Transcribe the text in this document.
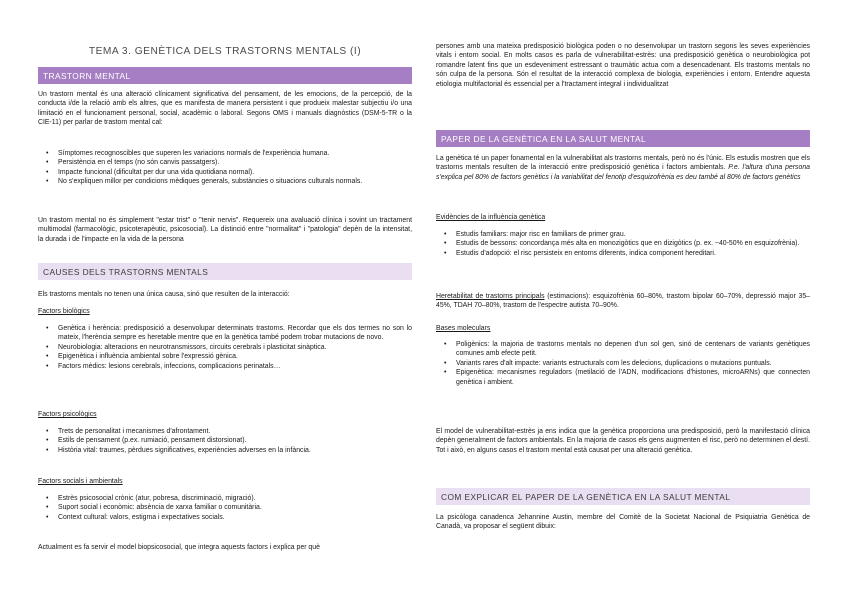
TEMA 3. GENÈTICA DELS TRASTORNS MENTALS (I)
TRASTORN MENTAL
Un trastorn mental és una alteració clínicament significativa del pensament, de les emocions, de la percepció, de la conducta i/de la relació amb els altres, que es manifesta de manera persistent i que produeix malestar subjectiu i/o una limitació en el funcionament personal, social, acadèmic o laboral. Segons OMS i manuals diagnòstics (DSM-5-TR o la CIE-11) per parlar de trastorn mental cal:
• Símptomes recognoscibles que superen les variacions normals de l'experiència humana.
• Persistència en el temps (no són canvis passatgers).
• Impacte funcional (dificultat per dur una vida quotidiana normal).
• No s'expliquen millor per condicions mèdiques generals, substàncies o situacions culturals normals.
Un trastorn mental no és simplement "estar trist" o "tenir nervis". Requereix una avaluació clínica i sovint un tractament multimodal (farmacològic, psicoterapèutic, psicosocial). La distinció entre "normalitat" i "patologia" depèn de la intensitat, la durada i de l'impacte en la vida de la persona
CAUSES DELS TRASTORNS MENTALS
Els trastorns mentals no tenen una única causa, sinó que resulten de la interacció:
Factors biològics
• Genètica i herència: predisposició a desenvolupar determinats trastorns. Recordar que els dos termes no son lo mateix, l'herència sempre es heretable mentre que en la genètica també podem trobar mutacions de novo.
• Neurobiologia: alteracions en neurotransmissors, circuits cerebrals i plasticitat sinàptica.
• Epigenètica i influència ambiental sobre l'expressió gènica.
• Factors mèdics: lesions cerebrals, infeccions, complicacions perinatals…
Factors psicològics
• Trets de personalitat i mecanismes d'afrontament.
• Estils de pensament (p.ex. rumiació, pensament distorsionat).
• Història vital: traumes, pèrdues significatives, experiències adverses en la infància.
Factors socials i ambientals
• Estrès psicosocial crònic (atur, pobresa, discriminació, migració).
• Suport social i econòmic: absència de xarxa familiar o comunitària.
• Context cultural: valors, estigma i expectatives socials.
Actualment es fa servir el model biopsicosocial, que integra aquests factors i explica per què
persones amb una mateixa predisposició biològica poden o no desenvolupar un trastorn segons les seves experiències vitals i entorn social. En molts casos es parla de vulnerabilitat-estrès: una predisposició genètica o neurobiològica pot romandre latent fins que un esdeveniment estressant o traumàtic actua com a desencadenant. Els trastorns mentals no són culpa de la persona. Són el resultat de la interacció complexa de biologia, experiències i entorn. Entendre aquesta etiologia multifactorial és essencial per a l'tractament integral i individualitzat
PAPER DE LA GENÈTICA EN LA SALUT MENTAL
La genètica té un paper fonamental en la vulnerabilitat als trastorns mentals, però no és l'únic. Els estudis mostren que els trastorns mentals resulten de la interacció entre predisposició genètica i factors ambientals. P.e. l'altura d'una persona s'explica pel 80% de factors genètics i la variabilitat del fenotip d'esquizofrènia es deu també al 80% de factors genètics
Evidències de la influència genètica
• Estudis familiars: major risc en familiars de primer grau.
• Estudis de bessons: concordança més alta en monozigòtics que en dizigòtics (p. ex. ~40-50% en esquizofrènia).
• Estudis d'adopció: el risc persisteix en entorns diferents, indica component hereditari.
Heretabilitat de trastorns principals (estimacions): esquizofrènia 60–80%, trastorn bipolar 60–70%, depressió major 35–45%, TDAH 70–80%, trastorn de l'espectre autista 70–90%.
Bases moleculars
• Poligènics: la majoria de trastorns mentals no depenen d'un sol gen, sinó de centenars de variants genètiques comunes amb efecte petit.
• Variants rares d'alt impacte: variants estructurals com les delecions, duplicacions o mutacions puntuals.
• Epigenètica: mecanismes reguladors (metilació de l'ADN, modificacions d'histones, microARNs) que connecten genètica i ambient.
El model de vulnerabilitat-estrès ja ens indica que la genètica proporciona una predisposició, però la manifestació clínica depèn generalment de factors ambientals. En la majoria de casos els gens augmenten el risc, però no determinen el destí. Tot i això, en alguns casos el trastorn mental està causat per una alteració genètica.
COM EXPLICAR EL PAPER DE LA GENÈTICA EN LA SALUT MENTAL
La psicòloga canadenca Jehannine Austin, membre del Comitè de la Societat Nacional de Psiquiatria Genètica de Canadà, va proposar el següent dibuix:
